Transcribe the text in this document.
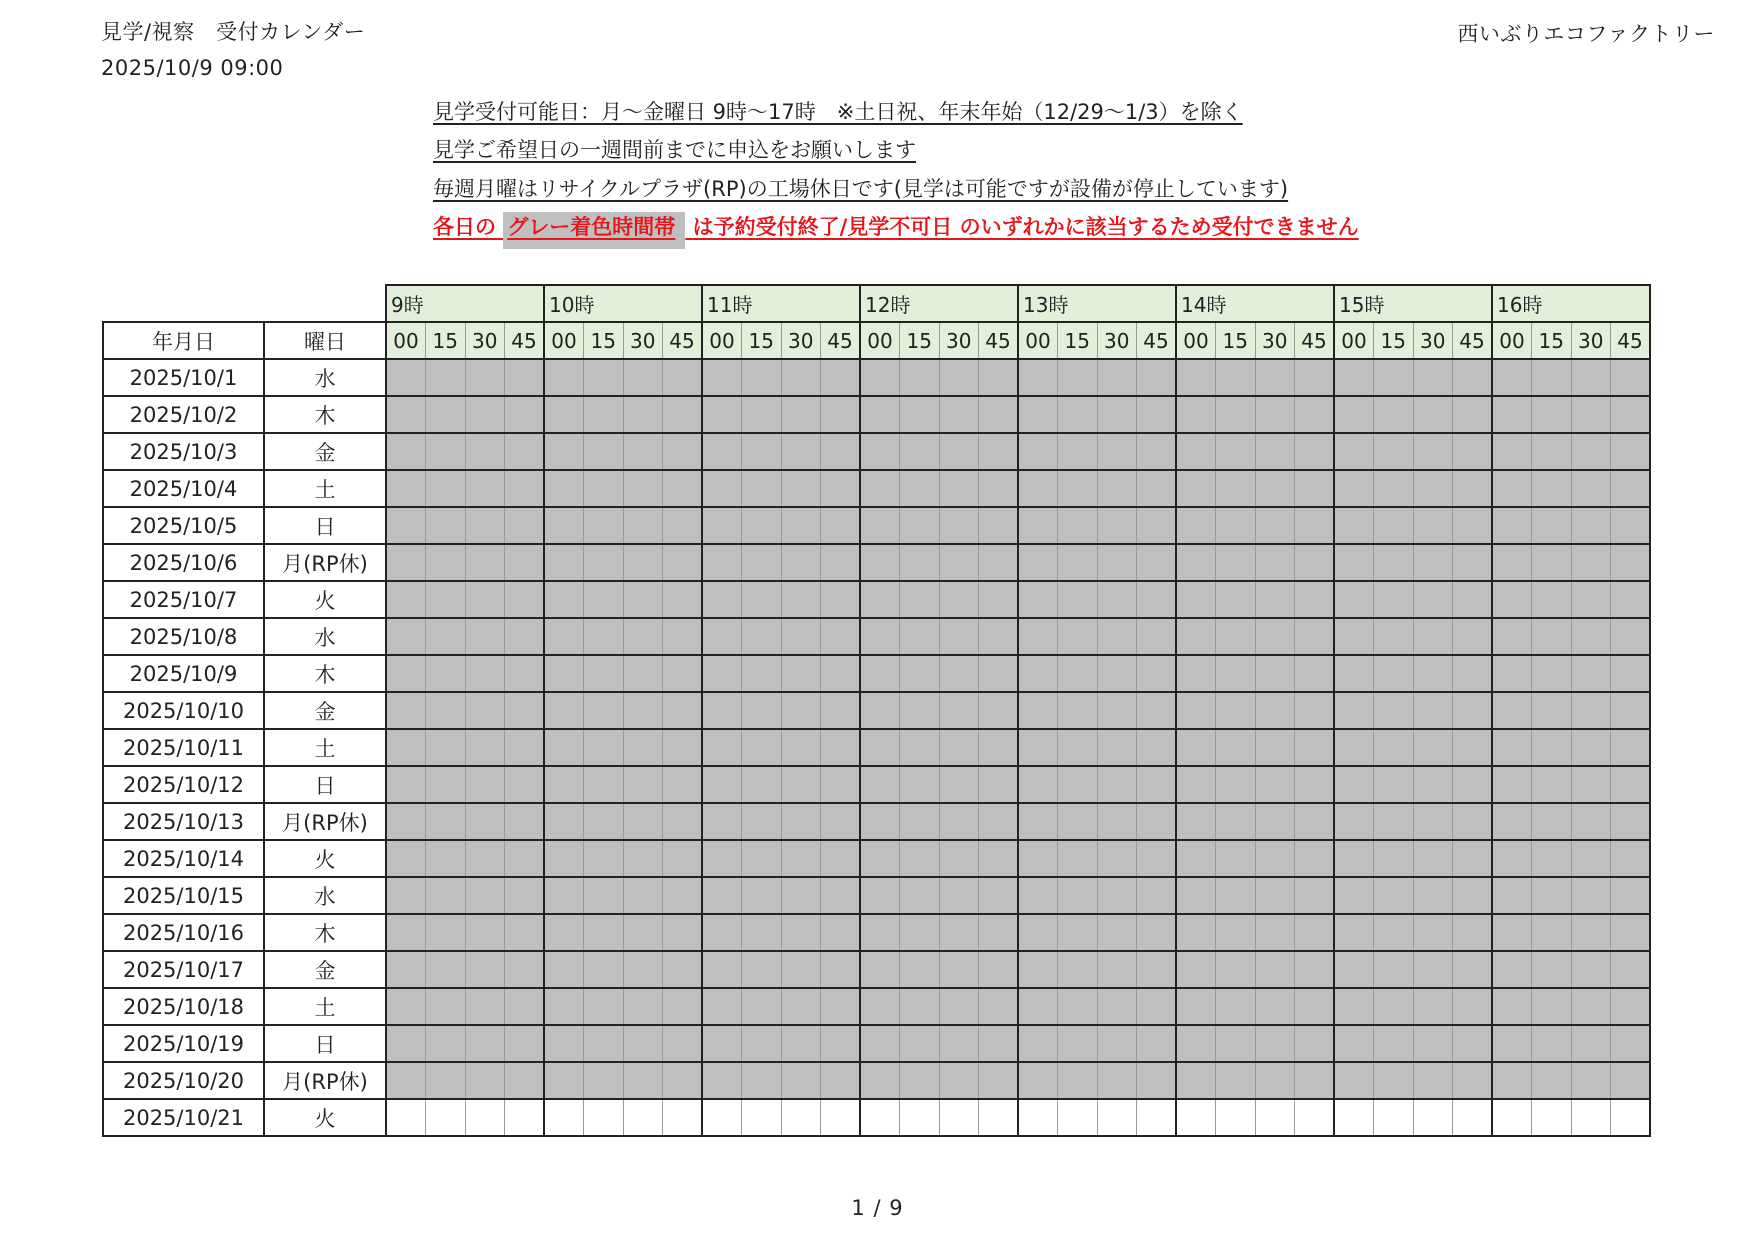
見学/視察　受付カレンダー
2025/10/9 09:00
西いぶりエコファクトリー
見学受付可能日：月～金曜日 9時～17時　※土日祝、年末年始（12/29～1/3）を除く
見学ご希望日の一週間前までに申込をお願いします
毎週月曜はリサイクルプラザ(RP)の工場休日です(見学は可能ですが設備が停止しています)
各日の グレー着色時間帯 は予約受付終了/見学不可日 のいずれかに該当するため受付できません
		9時				10時				11時				12時				13時				14時				15時				16時			
年月日	曜日	00	15	30	45	00	15	30	45	00	15	30	45	00	15	30	45	00	15	30	45	00	15	30	45	00	15	30	45	00	15	30	45
2025/10/1	水																																
2025/10/2	木																																
2025/10/3	金																																
2025/10/4	土																																
2025/10/5	日																																
2025/10/6	月(RP休)																																
2025/10/7	火																																
2025/10/8	水																																
2025/10/9	木																																
2025/10/10	金																																
2025/10/11	土																																
2025/10/12	日																																
2025/10/13	月(RP休)																																
2025/10/14	火																																
2025/10/15	水																																
2025/10/16	木																																
2025/10/17	金																																
2025/10/18	土																																
2025/10/19	日																																
2025/10/20	月(RP休)																																
2025/10/21	火																																
1 / 9
